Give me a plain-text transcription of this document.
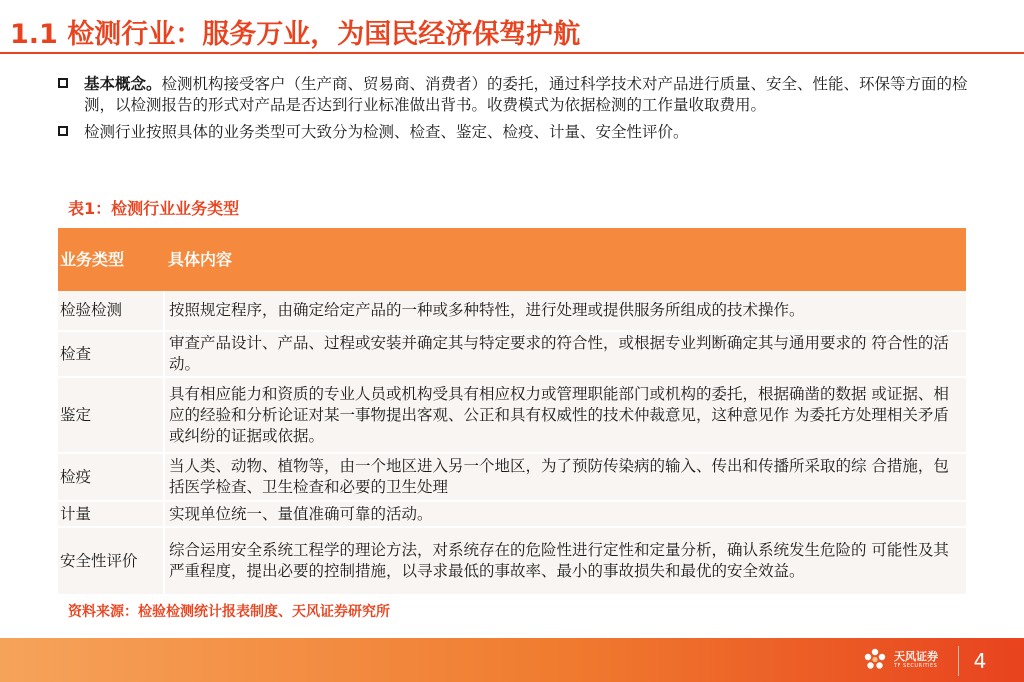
1.1 检测行业：服务万业，为国民经济保驾护航
基本概念。检测机构接受客户（生产商、贸易商、消费者）的委托，通过科学技术对产品进行质量、安全、性能、环保等方面的检测，以检测报告的形式对产品是否达到行业标准做出背书。收费模式为依据检测的工作量收取费用。
检测行业按照具体的业务类型可大致分为检测、检查、鉴定、检疫、计量、安全性评价。
表1：检测行业业务类型
业务类型	具体内容
检验检测	按照规定程序，由确定给定产品的一种或多种特性，进行处理或提供服务所组成的技术操作。
检查	审查产品设计、产品、过程或安装并确定其与特定要求的符合性，或根据专业判断确定其与通用要求的 符合性的活动。
鉴定	具有相应能力和资质的专业人员或机构受具有相应权力或管理职能部门或机构的委托，根据确凿的数据 或证据、相应的经验和分析论证对某一事物提出客观、公正和具有权威性的技术仲裁意见，这种意见作 为委托方处理相关矛盾或纠纷的证据或依据。
检疫	当人类、动物、植物等，由一个地区进入另一个地区，为了预防传染病的输入、传出和传播所采取的综 合措施，包括医学检查、卫生检查和必要的卫生处理
计量	实现单位统一、量值准确可靠的活动。
安全性评价	综合运用安全系统工程学的理论方法，对系统存在的危险性进行定性和定量分析，确认系统发生危险的 可能性及其严重程度，提出必要的控制措施，以寻求最低的事故率、最小的事故损失和最优的安全效益。
资料来源：检验检测统计报表制度、天风证券研究所
天风证券
TF SECURITIES	4
